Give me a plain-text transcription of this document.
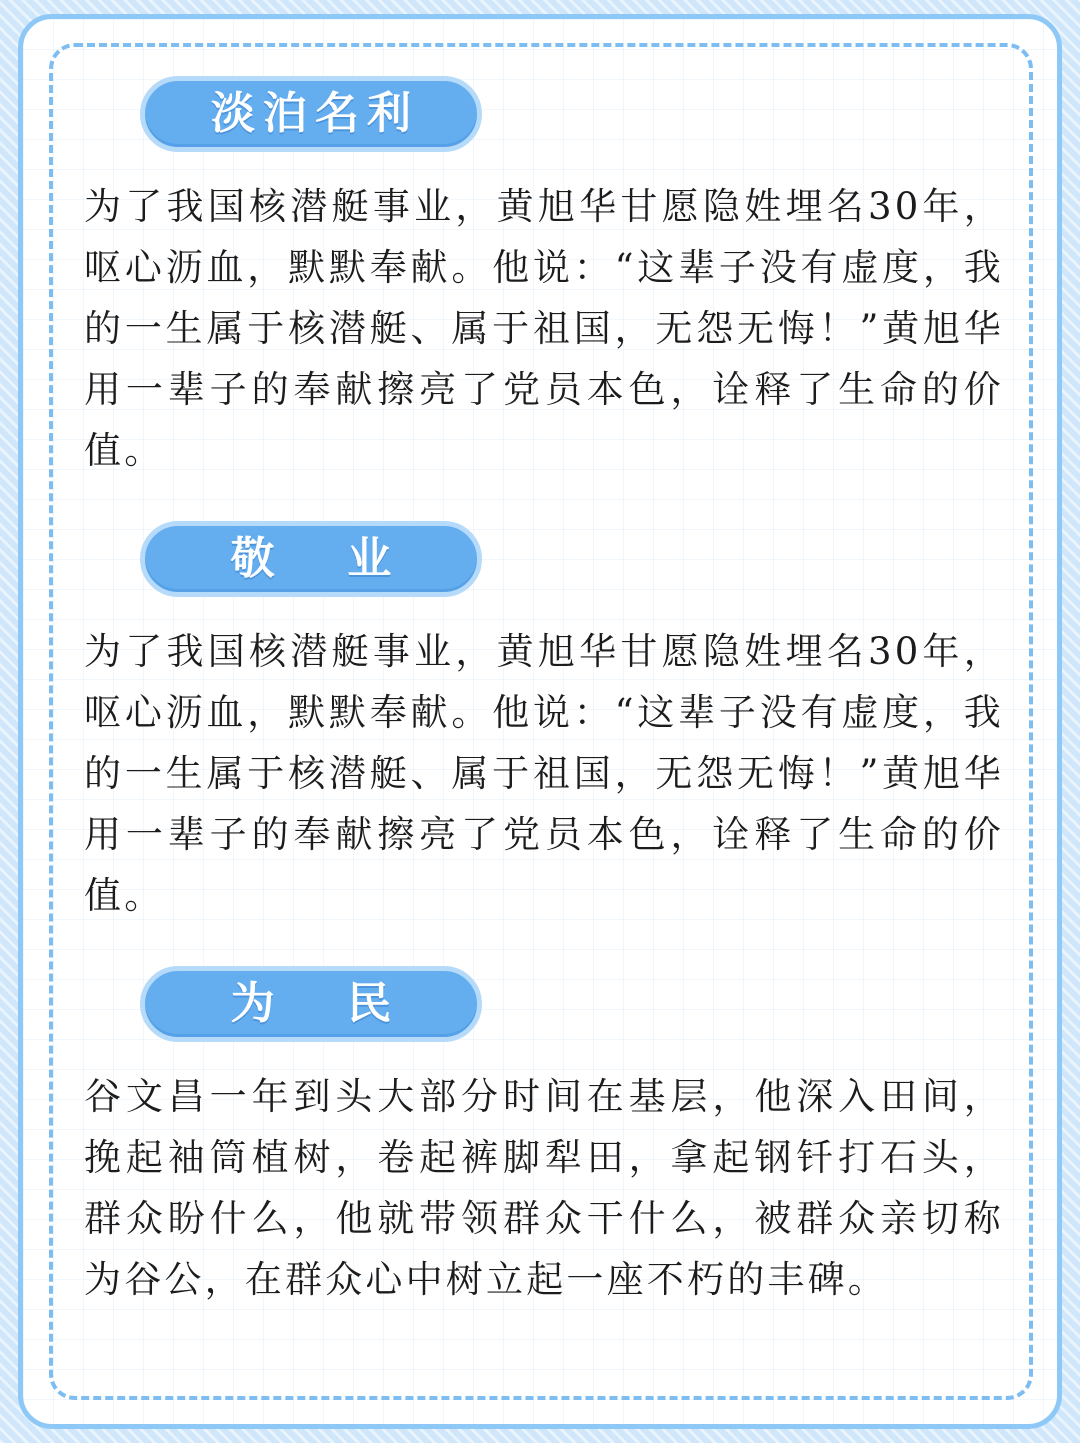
淡泊名利

为了我国核潜艇事业，黄旭华甘愿隐姓埋名30年，呕心沥血，默默奉献。他说：“这辈子没有虚度，我的一生属于核潜艇、属于祖国，无怨无悔！”黄旭华用一辈子的奉献擦亮了党员本色，诠释了生命的价值。

敬  业

为了我国核潜艇事业，黄旭华甘愿隐姓埋名30年，呕心沥血，默默奉献。他说：“这辈子没有虚度，我的一生属于核潜艇、属于祖国，无怨无悔！”黄旭华用一辈子的奉献擦亮了党员本色，诠释了生命的价值。

为  民

谷文昌一年到头大部分时间在基层，他深入田间，挽起袖筒植树，卷起裤脚犁田，拿起钢钎打石头，群众盼什么，他就带领群众干什么，被群众亲切称为谷公，在群众心中树立起一座不朽的丰碑。
